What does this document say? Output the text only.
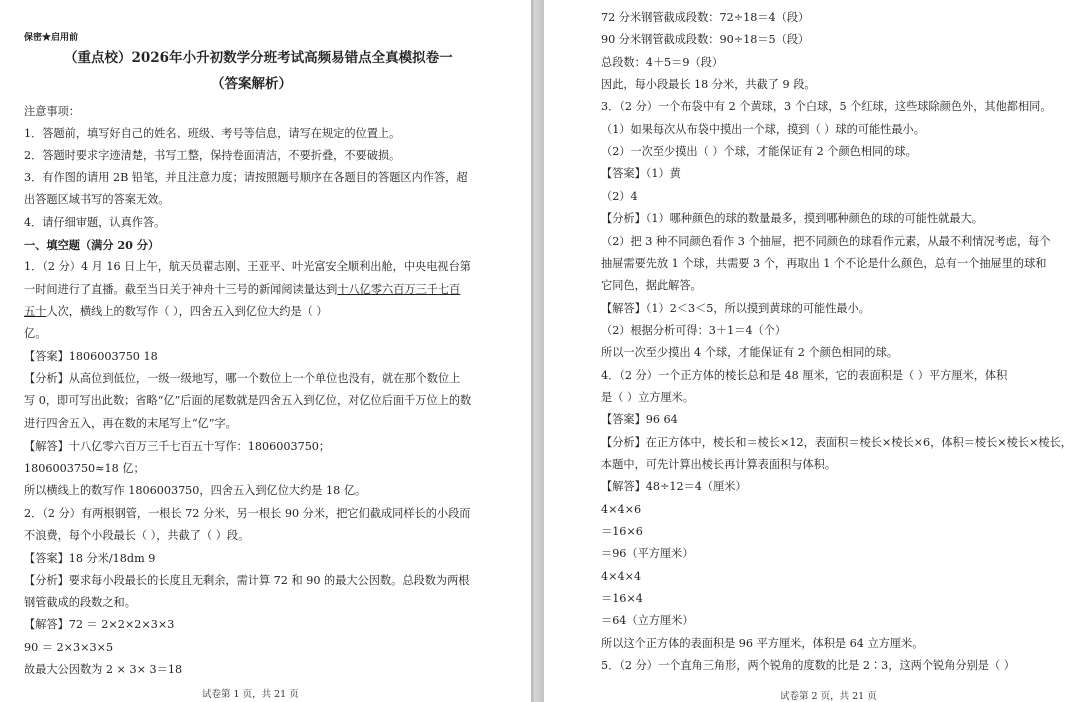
保密★启用前
（重点校）2026年小升初数学分班考试高频易错点全真模拟卷一
（答案解析）
注意事项：
1．答题前，填写好自己的姓名、班级、考号等信息，请写在规定的位置上。
2．答题时要求字迹清楚，书写工整，保持卷面清洁，不要折叠，不要破损。
3．有作图的请用 2B 铅笔，并且注意力度；请按照题号顺序在各题目的答题区内作答，超
出答题区域书写的答案无效。
4．请仔细审题，认真作答。
一、填空题（满分 20 分）
1．（2 分）4 月 16 日上午，航天员翟志刚、王亚平、叶光富安全顺利出舱，中央电视台第
一时间进行了直播。截至当日关于神舟十三号的新闻阅读量达到十八亿零六百万三千七百
五十人次，横线上的数写作（ ），四舍五入到亿位大约是（ ）
亿。
【答案】1806003750 18
【分析】从高位到低位，一级一级地写，哪一个数位上一个单位也没有，就在那个数位上
写 0，即可写出此数；省略“亿”后面的尾数就是四舍五入到亿位，对亿位后面千万位上的数
进行四舍五入，再在数的末尾写上“亿”字。
【解答】十八亿零六百万三千七百五十写作：1806003750；
1806003750≈18 亿；
所以横线上的数写作 1806003750，四舍五入到亿位大约是 18 亿。
2．（2 分）有两根钢管，一根长 72 分米，另一根长 90 分米，把它们截成同样长的小段而
不浪费，每个小段最长（ ），共截了（ ）段。
【答案】18 分米/18dm 9
【分析】要求每小段最长的长度且无剩余，需计算 72 和 90 的最大公因数。总段数为两根
钢管截成的段数之和。
【解答】72 ＝ 2×2×2×3×3
90 ＝ 2×3×3×5
故最大公因数为 2 × 3× 3＝18
试卷第 1 页，共 21 页
72 分米钢管截成段数：72÷18＝4（段）
90 分米钢管截成段数：90÷18＝5（段）
总段数：4＋5＝9（段）
因此，每小段最长 18 分米，共截了 9 段。
3．（2 分）一个布袋中有 2 个黄球，3 个白球，5 个红球，这些球除颜色外，其他都相同。
（1）如果每次从布袋中摸出一个球，摸到（ ）球的可能性最小。
（2）一次至少摸出（ ）个球，才能保证有 2 个颜色相同的球。
【答案】（1）黄
（2）4
【分析】（1）哪种颜色的球的数量最多，摸到哪种颜色的球的可能性就最大。
（2）把 3 种不同颜色看作 3 个抽屉，把不同颜色的球看作元素，从最不利情况考虑，每个
抽屉需要先放 1 个球，共需要 3 个，再取出 1 个不论是什么颜色，总有一个抽屉里的球和
它同色，据此解答。
【解答】（1）2＜3＜5，所以摸到黄球的可能性最小。
（2）根据分析可得：3＋1＝4（个）
所以一次至少摸出 4 个球，才能保证有 2 个颜色相同的球。
4．（2 分）一个正方体的棱长总和是 48 厘米，它的表面积是（ ）平方厘米，体积
是（ ）立方厘米。
【答案】96 64
【分析】在正方体中，棱长和＝棱长×12，表面积＝棱长×棱长×6，体积＝棱长×棱长×棱长，
本题中，可先计算出棱长再计算表面积与体积。
【解答】48÷12＝4（厘米）
4×4×6
＝16×6
＝96（平方厘米）
4×4×4
＝16×4
＝64（立方厘米）
所以这个正方体的表面积是 96 平方厘米，体积是 64 立方厘米。
5．（2 分）一个直角三角形，两个锐角的度数的比是 2∶3，这两个锐角分别是（ ）
试卷第 2 页，共 21 页
